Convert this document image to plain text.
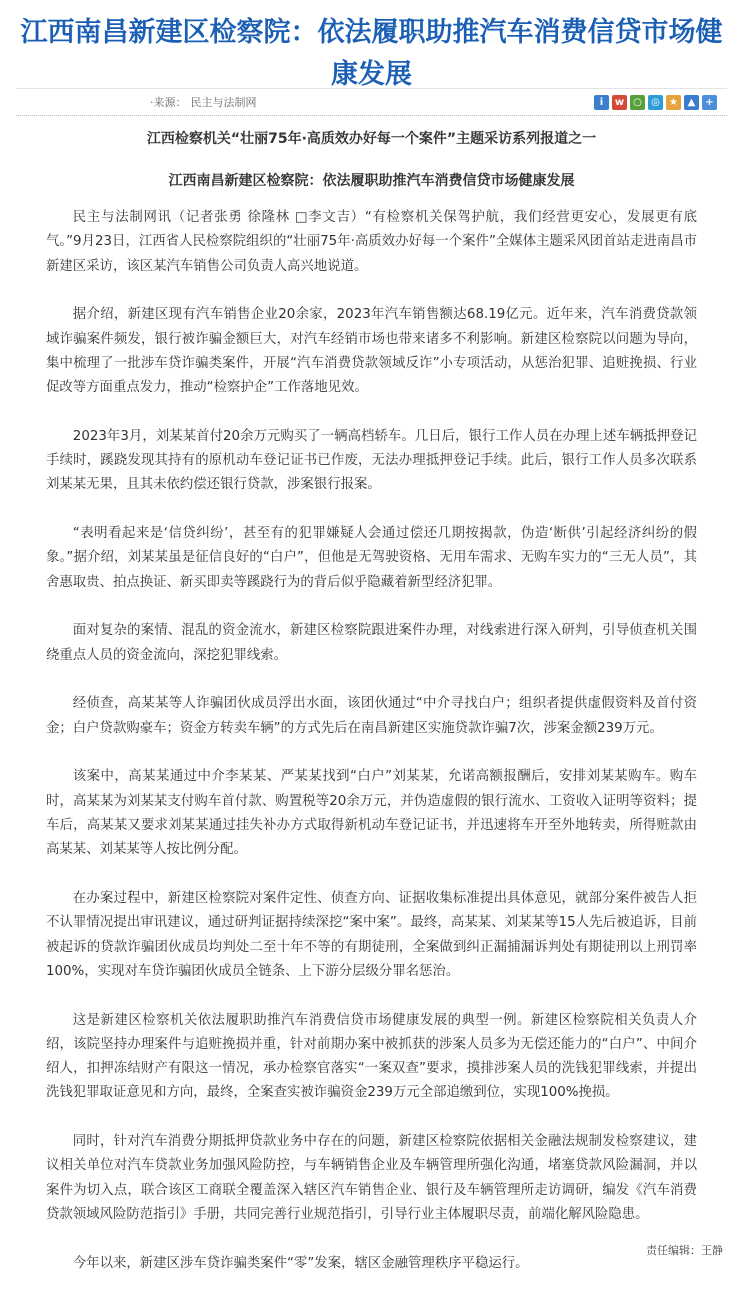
江西南昌新建区检察院：依法履职助推汽车消费信贷市场健康发展
·来源： 民主与法制网	i	w ○ ◎ ★ ▲ +
江西检察机关“壮丽75年·高质效办好每一个案件”主题采访系列报道之一
江西南昌新建区检察院：依法履职助推汽车消费信贷市场健康发展

民主与法制网讯（记者张勇 徐隆林 □李文吉）“有检察机关保驾护航，我们经营更安心，发展更有底气。”9月23日，江西省人民检察院组织的“壮丽75年·高质效办好每一个案件”全媒体主题采风团首站走进南昌市新建区采访，该区某汽车销售公司负责人高兴地说道。

据介绍，新建区现有汽车销售企业20余家，2023年汽车销售额达68.19亿元。近年来，汽车消费贷款领域诈骗案件频发，银行被诈骗金额巨大，对汽车经销市场也带来诸多不利影响。新建区检察院以问题为导向，集中梳理了一批涉车贷诈骗类案件，开展“汽车消费贷款领域反诈”小专项活动，从惩治犯罪、追赃挽损、行业促改等方面重点发力，推动“检察护企”工作落地见效。

2023年3月，刘某某首付20余万元购买了一辆高档轿车。几日后，银行工作人员在办理上述车辆抵押登记手续时，蹊跷发现其持有的原机动车登记证书已作废，无法办理抵押登记手续。此后，银行工作人员多次联系刘某某无果，且其未依约偿还银行贷款，涉案银行报案。

“表明看起来是‘信贷纠纷’，甚至有的犯罪嫌疑人会通过偿还几期按揭款，伪造‘断供’引起经济纠纷的假象。”据介绍，刘某某虽是征信良好的“白户”，但他是无驾驶资格、无用车需求、无购车实力的“三无人员”，其舍惠取贵、拍点换证、新买即卖等蹊跷行为的背后似乎隐藏着新型经济犯罪。

面对复杂的案情、混乱的资金流水，新建区检察院跟进案件办理，对线索进行深入研判，引导侦查机关围绕重点人员的资金流向，深挖犯罪线索。

经侦查，高某某等人诈骗团伙成员浮出水面，该团伙通过“中介寻找白户；组织者提供虚假资料及首付资金；白户贷款购豪车；资金方转卖车辆”的方式先后在南昌新建区实施贷款诈骗7次，涉案金额239万元。

该案中，高某某通过中介李某某、严某某找到“白户”刘某某，允诺高额报酬后，安排刘某某购车。购车时，高某某为刘某某支付购车首付款、购置税等20余万元，并伪造虚假的银行流水、工资收入证明等资料；提车后，高某某又要求刘某某通过挂失补办方式取得新机动车登记证书，并迅速将车开至外地转卖，所得赃款由高某某、刘某某等人按比例分配。

在办案过程中，新建区检察院对案件定性、侦查方向、证据收集标准提出具体意见，就部分案件被告人拒不认罪情况提出审讯建议，通过研判证据持续深挖“案中案”。最终，高某某、刘某某等15人先后被追诉，目前被起诉的贷款诈骗团伙成员均判处二至十年不等的有期徒刑，全案做到纠正漏捕漏诉判处有期徒刑以上刑罚率100%，实现对车贷诈骗团伙成员全链条、上下游分层级分罪名惩治。

这是新建区检察机关依法履职助推汽车消费信贷市场健康发展的典型一例。新建区检察院相关负责人介绍，该院坚持办理案件与追赃挽损并重，针对前期办案中被抓获的涉案人员多为无偿还能力的“白户”、中间介绍人，扣押冻结财产有限这一情况，承办检察官落实“一案双查”要求，摸排涉案人员的洗钱犯罪线索，并提出洗钱犯罪取证意见和方向，最终，全案查实被诈骗资金239万元全部追缴到位，实现100%挽损。

同时，针对汽车消费分期抵押贷款业务中存在的问题，新建区检察院依据相关金融法规制发检察建议，建议相关单位对汽车贷款业务加强风险防控，与车辆销售企业及车辆管理所强化沟通，堵塞贷款风险漏洞，并以案件为切入点，联合该区工商联全覆盖深入辖区汽车销售企业、银行及车辆管理所走访调研，编发《汽车消费贷款领域风险防范指引》手册，共同完善行业规范指引，引导行业主体履职尽责，前端化解风险隐患。

今年以来，新建区涉车贷诈骗类案件“零”发案，辖区金融管理秩序平稳运行。

责任编辑：王静
